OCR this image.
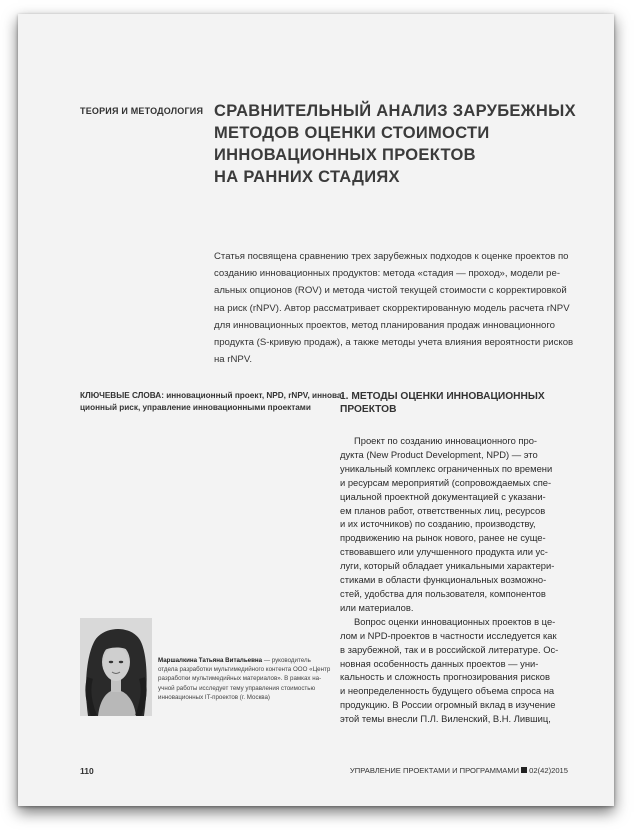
ТЕОРИЯ И МЕТОДОЛОГИЯ СРАВНИТЕЛЬНЫЙ АНАЛИЗ ЗАРУБЕЖНЫХ
МЕТОДОВ ОЦЕНКИ СТОИМОСТИ
ИННОВАЦИОННЫХ ПРОЕКТОВ
НА РАННИХ СТАДИЯХ
Статья посвящена сравнению трех зарубежных подходов к оценке проектов по
созданию инновационных продуктов: метода «стадия — проход», модели ре-
альных опционов (ROV) и метода чистой текущей стоимости с корректировкой
на риск (rNPV). Автор рассматривает скорректированную модель расчета rNPV
для инновационных проектов, метод планирования продаж инновационного
продукта (S-кривую продаж), а также методы учета влияния вероятности рисков
на rNPV.
КЛЮЧЕВЫЕ СЛОВА: инновационный проект, NPD, rNPV, иннова-
ционный риск, управление инновационными проектами
1. МЕТОДЫ ОЦЕНКИ ИННОВАЦИОННЫХ
ПРОЕКТОВ
Проект по созданию инновационного про-
дукта (New Product Development, NPD) — это
уникальный комплекс ограниченных по времени
и ресурсам мероприятий (сопровождаемых спе-
циальной проектной документацией с указани-
ем планов работ, ответственных лиц, ресурсов
и их источников) по созданию, производству,
продвижению на рынок нового, ранее не суще-
ствовавшего или улучшенного продукта или ус-
луги, который обладает уникальными характери-
стиками в области функциональных возможно-
стей, удобства для пользователя, компонентов
или материалов.
Вопрос оценки инновационных проектов в це-
лом и NPD-проектов в частности исследуется как
в зарубежной, так и в российской литературе. Ос-
новная особенность данных проектов — уни-
кальность и сложность прогнозирования рисков
и неопределенность будущего объема спроса на
продукцию. В России огромный вклад в изучение
этой темы внесли П.Л. Виленский, В.Н. Лившиц,
Маршалкина Татьяна Витальевна — руководитель
отдела разработки мультимедийного контента ООО «Центр
разработки мультимедийных материалов». В рамках на-
учной работы исследует тему управления стоимостью
инновационных IT-проектов (г. Москва)
110	УПРАВЛЕНИЕ ПРОЕКТАМИ И ПРОГРАММАМИ 02(42)2015
